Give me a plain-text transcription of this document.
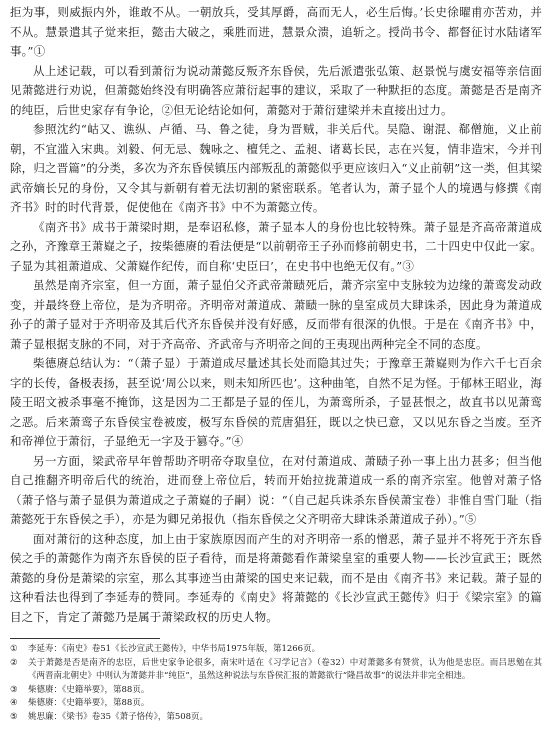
拒为事，则威振内外，谁敢不从。一朝放兵，受其厚爵，高而无人，必生后悔。’长史徐曜甫亦苦劝，并不从。慧景遣其子觉来拒，懿击大破之，乘胜而进，慧景众溃，追斩之。授尚书令、都督征讨水陆诸军事。”①

从上述记载，可以看到萧衍为说动萧懿反叛齐东昏侯，先后派遣张弘策、赵景悦与虞安福等亲信面见萧懿进行劝说，但萧懿始终没有明确答应萧衍起事的建议，采取了一种默拒的态度。萧懿是否是南齐的纯臣，后世史家存有争论，②但无论结论如何，萧懿对于萧衍建梁并未直接出过力。

参照沈约“岵又、谯纵、卢循、马、鲁之徒，身为晋贼，非关后代。吴隐、谢混、郗僧施，义止前朝，不宜滥入宋典。刘毅、何无忌、魏咏之、檀凭之、孟昶、诸葛长民，志在兴复，情非造宋，今并刊除，归之晋篇”的分类，多次为齐东昏侯镇压内部叛乱的萧懿似乎更应该归入“义止前朝”这一类，但其梁武帝嫡长兄的身份，又令其与新朝有着无法切割的紧密联系。笔者认为，萧子显个人的境遇与修撰《南齐书》时的时代背景，促使他在《南齐书》中不为萧懿立传。

《南齐书》成书于萧梁时期，是奉诏私修，萧子显本人的身份也比较特殊。萧子显是齐高帝萧道成之孙，齐豫章王萧嶷之子，按柴德赓的看法便是“以前朝帝王子孙而修前朝史书，二十四史中仅此一家。子显为其祖萧道成、父萧嶷作纪传，而自称‘史臣曰’，在史书中也绝无仅有。”③

虽然是南齐宗室，但一方面，萧子显伯父齐武帝萧赜死后，萧齐宗室中支脉较为边缘的萧鸾发动政变，并最终登上帝位，是为齐明帝。齐明帝对萧道成、萧赜一脉的皇室成员大肆诛杀，因此身为萧道成孙子的萧子显对于齐明帝及其后代齐东昏侯并没有好感，反而带有很深的仇恨。于是在《南齐书》中，萧子显根据支脉的不同，对于齐高帝、齐武帝与齐明帝之间的王夷现出两种完全不同的态度。

柴德赓总结认为：“（萧子显）于萧道成尽量述其长处而隐其过失；于豫章王萧嶷则为作六千七百余字的长传，备极表扬，甚至说‘周公以来，则未知所匹也’。这种曲笔，自然不足为怪。于郁林王昭业，海陵王昭文被杀事毫不掩饰，这是因为二王都是子显的侄儿，为萧鸾所杀，子显甚恨之，故直书以见萧鸾之恶。后来萧鸾子东昏侯宝卷被废，极写东昏侯的荒唐猖狂，既以之快已意，又以见东昏之当废。至齐和帝禅位于萧衍，子显绝无一字及于篡夺。”④

另一方面，梁武帝早年曾帮助齐明帝夺取皇位，在对付萧道成、萧赜子孙一事上出力甚多；但当他自己推翻齐明帝后代的统治，进而登上帝位后，转而开始拉拢萧道成一系的南齐宗室。他曾对萧子恪（萧子恪与萧子显俱为萧道成之子萧嶷的子嗣）说：“（自己起兵诛杀东昏侯萧宝卷）非惟自雪门耻（指萧懿死于东昏侯之手），亦是为卿兄弟报仇（指东昏侯之父齐明帝大肆诛杀萧道成子孙）。”⑤

面对萧衍的这种态度，加上由于家族原因而产生的对齐明帝一系的憎恶，萧子显并不将死于齐东昏侯之手的萧懿作为南齐东昏侯的臣子看待，而是将萧懿看作萧梁皇室的重要人物——长沙宣武王；既然萧懿的身份是萧梁的宗室，那么其事迹当由萧梁的国史来记载，而不是由《南齐书》来记载。萧子显的这种看法也得到了李延寿的赞同。李延寿的《南史》将萧懿的《长沙宣武王懿传》归于《梁宗室》的篇目之下，肯定了萧懿乃是属于萧梁政权的历史人物。

①	李延寿：《南史》卷51《长沙宣武王懿传》，中华书局1975年版，第1266页。
②	关于萧懿是否是南齐的忠臣，后世史家争论很多，南宋叶适在《习学记言》（卷32）中对萧懿多有赞赏，认为他是忠臣。而吕思勉在其《两晋南北朝史》中则认为萧懿并非“纯臣”，虽然这种说法与东昏侯汇报的萧懿欲行“隆昌故事”的说法并非完全相违。
③	柴德赓：《史籍举要》，第88页。
④	柴德赓：《史籍举要》，第88页。
⑤	姚思廉：《梁书》卷35《萧子恪传》，第508页。
